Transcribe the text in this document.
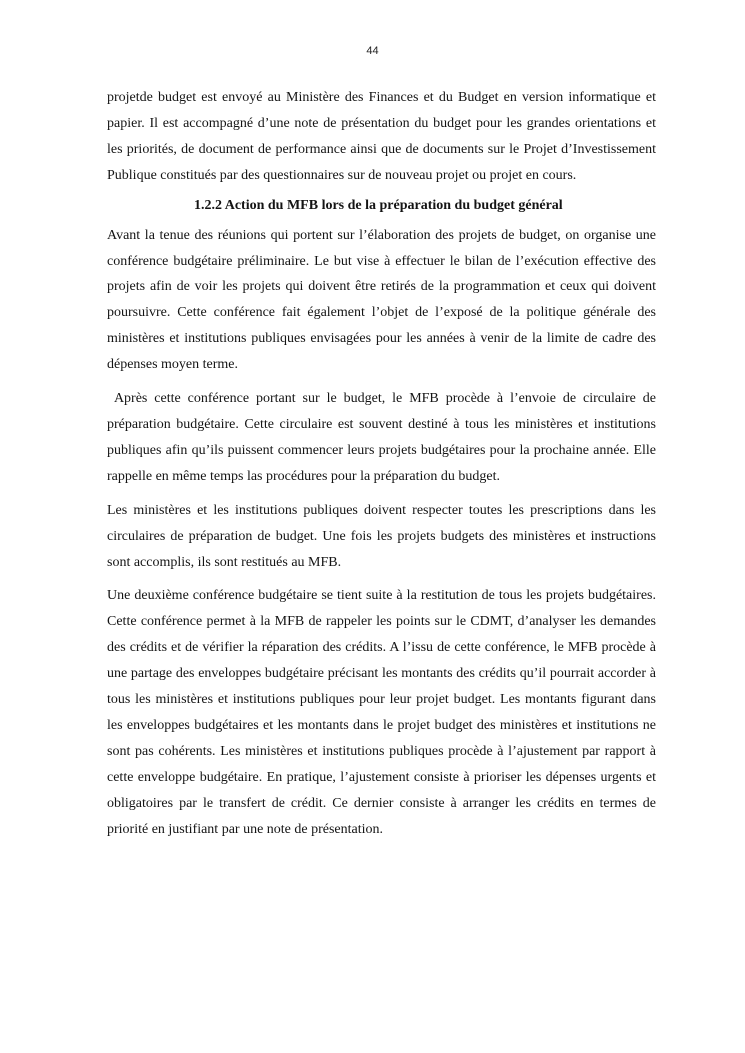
44

projetde budget est envoyé au Ministère des Finances et du Budget en version informatique et papier. Il est accompagné d’une note de présentation du budget pour les grandes orientations et les priorités, de document de performance ainsi que de documents sur le Projet d’Investissement Publique constitués par des questionnaires sur de nouveau projet ou projet en cours.

1.2.2 Action du MFB lors de la préparation du budget général

Avant la tenue des réunions qui portent sur l’élaboration des projets de budget, on organise une conférence budgétaire préliminaire. Le but vise à effectuer le bilan de l’exécution effective des projets afin de voir les projets qui doivent être retirés de la programmation et ceux qui doivent poursuivre. Cette conférence fait également l’objet de l’exposé de la politique générale des ministères et institutions publiques envisagées pour les années à venir de la limite de cadre des dépenses moyen terme.

Après cette conférence portant sur le budget, le MFB procède à l’envoie de circulaire de préparation budgétaire. Cette circulaire est souvent destiné à tous les ministères et institutions publiques afin qu’ils puissent commencer leurs projets budgétaires pour la prochaine année. Elle rappelle en même temps las procédures pour la préparation du budget.

Les ministères et les institutions publiques doivent respecter toutes les prescriptions dans les circulaires de préparation de budget. Une fois les projets budgets des ministères et instructions sont accomplis, ils sont restitués au MFB.

Une deuxième conférence budgétaire se tient suite à la restitution de tous les projets budgétaires. Cette conférence permet à la MFB de rappeler les points sur le CDMT, d’analyser les demandes des crédits et de vérifier la réparation des crédits. A l’issu de cette conférence, le MFB procède à une partage des enveloppes budgétaire précisant les montants des crédits qu’il pourrait accorder à tous les ministères et institutions publiques pour leur projet budget. Les montants figurant dans les enveloppes budgétaires et les montants dans le projet budget des ministères et institutions ne sont pas cohérents. Les ministères et institutions publiques procède à l’ajustement par rapport à cette enveloppe budgétaire. En pratique, l’ajustement consiste à prioriser les dépenses urgents et obligatoires par le transfert de crédit. Ce dernier consiste à arranger les crédits en termes de priorité en justifiant par une note de présentation.
